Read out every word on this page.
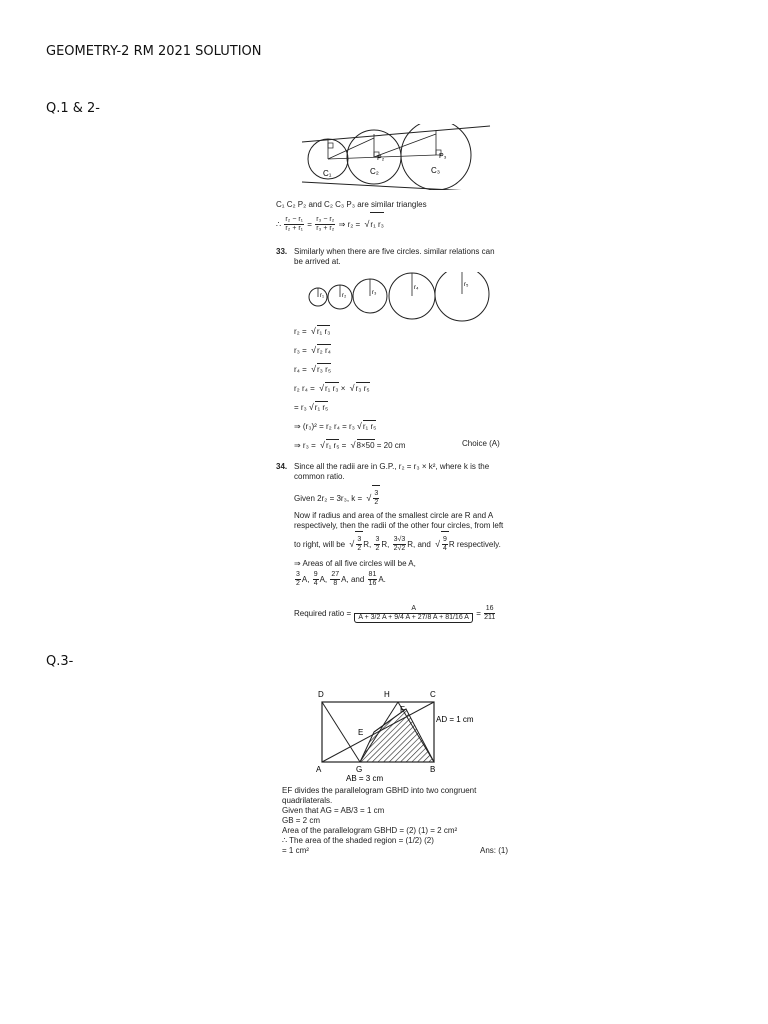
GEOMETRY-2 RM 2021 SOLUTION
Q.1 & 2-
Q.3-
C₁	C₂	C₃
P₂	P₃
C₁ C₂ P₂ and C₂ C₃ P₃ are similar triangles
∴ $\frac{\text{r₂ − r₁}}{\text{r₂ + r₁}} = \frac{\text{r₃ − r₂}}{\text{r₃ + r₂}}$ ⇒ r₂ = √ r₁ r₃
33. Similarly when there are five circles. similar relations can
be arrived at.
r₁	r₂	r₃
r₄	r₅
r₂ = √ r₁ r₃
r₃ = √ r₂ r₄
r₄ = √ r₃ r₅
r₂ r₄ = √ r₁ r₃ × √ r₃ r₅
= r₃ √ r₁ r₅
⇒ (r₃)² = r₂ r₄ = r₃ √ r₁ r₅
⇒ r₃ = √ r₁ r₅ = √ 8×50 = 20 cm	Choice (A)
34. Since all the radii are in G.P., r₂ = r₃ × k², where k is the
common ratio.
Given 2r₂ = 3r₃, k = √ $\frac{3}{2}$
Now if radius and area of the smallest circle are R and A
respectively, then the radii of the other four circles, from left
to right, will be √ $\frac{3}{2} R$, $\frac{3}{2} R$, $\frac{3√3}{2√2} R$, and √ $\frac{9}{4}$ R respectively.
⇒ Areas of all five circles will be A,
$\frac{3}{2} A$, $\frac{9}{4} A$, $\frac{27}{8} A$, and $\frac{81}{16} A$.
Required ratio = $\frac{A}{A + 3/2 A + 9/4 A + 27/8 A + 81/16 A} = \frac{16}{211}$
D	H	C
F
E
A	G	B
AD = 1 cm
AB = 3 cm
EF divides the parallelogram GBHD into two congruent
quadrilaterals.
Given that AG = AB/3 = 1 cm
GB = 2 cm
Area of the parallelogram GBHD = (2) (1) = 2 cm²
∴ The area of the shaded region = (1/2) (2)
= 1 cm²	Ans: (1)
